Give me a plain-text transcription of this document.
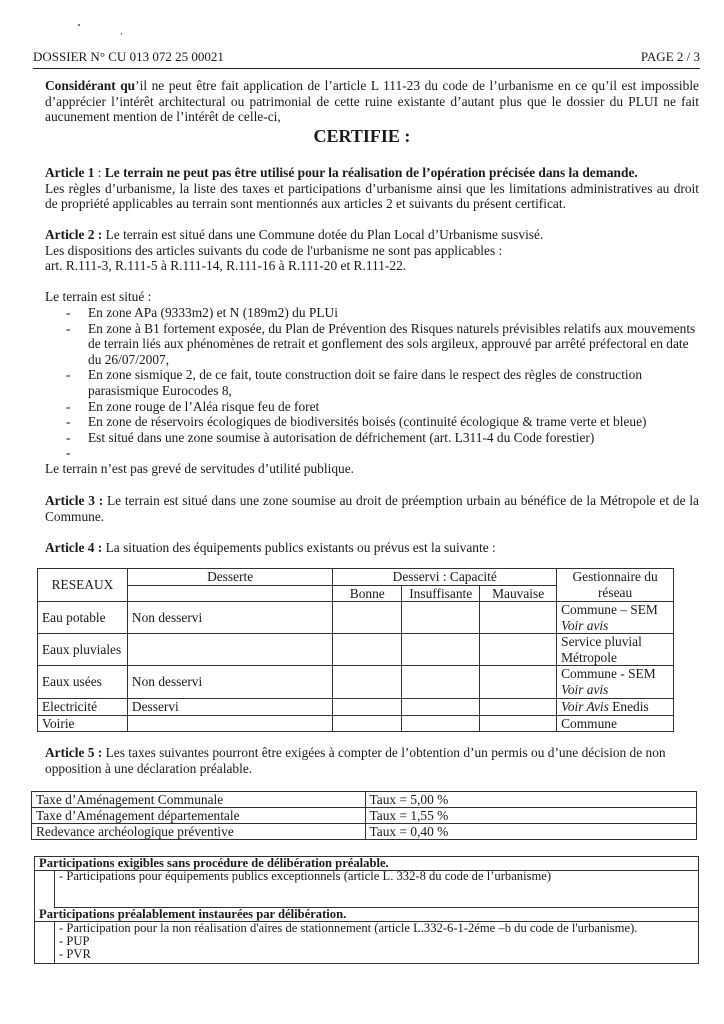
DOSSIER N° CU 013 072 25 00021	PAGE 2 / 3
Considérant qu’il ne peut être fait application de l’article L 111-23 du code de l’urbanisme en ce qu’il est impossible d’apprécier l’intérêt architectural ou patrimonial de cette ruine existante d’autant plus que le dossier du PLUI ne fait aucunement mention de l’intérêt de celle-ci,
CERTIFIE :
Article 1 : Le terrain ne peut pas être utilisé pour la réalisation de l’opération précisée dans la demande.
Les règles d’urbanisme, la liste des taxes et participations d’urbanisme ainsi que les limitations administratives au droit de propriété applicables au terrain sont mentionnés aux articles 2 et suivants du présent certificat.
Article 2 : Le terrain est situé dans une Commune dotée du Plan Local d’Urbanisme susvisé.
Les dispositions des articles suivants du code de l'urbanisme ne sont pas applicables :
art. R.111-3, R.111-5 à R.111-14, R.111-16 à R.111-20 et R.111-22.
Le terrain est situé :
- En zone APa (9333m2) et N (189m2) du PLUi
- En zone à B1 fortement exposée, du Plan de Prévention des Risques naturels prévisibles relatifs aux mouvements de terrain liés aux phénomènes de retrait et gonflement des sols argileux, approuvé par arrêté préfectoral en date du 26/07/2007,
- En zone sismique 2, de ce fait, toute construction doit se faire dans le respect des règles de construction parasismique Eurocodes 8,
- En zone rouge de l’Aléa risque feu de foret
- En zone de réservoirs écologiques de biodiversités boisés (continuité écologique & trame verte et bleue)
- Est situé dans une zone soumise à autorisation de défrichement (art. L311-4 du Code forestier)
-
Le terrain n’est pas grevé de servitudes d’utilité publique.
Article 3 : Le terrain est situé dans une zone soumise au droit de préemption urbain au bénéfice de la Métropole et de la Commune.
Article 4 : La situation des équipements publics existants ou prévus est la suivante :
RESEAUX	Desserte	Desservi : Capacité			Gestionnaire du réseau
		Bonne	Insuffisante	Mauvaise	
Eau potable	Non desservi				Commune – SEM
Voir avis
Eaux pluviales					Service pluvial
Métropole
Eaux usées	Non desservi				Commune - SEM
Voir avis
Electricité	Desservi				Voir Avis Enedis
Voirie					Commune
Article 5 : Les taxes suivantes pourront être exigées à compter de l’obtention d’un permis ou d’une décision de non opposition à une déclaration préalable.
Taxe d’Aménagement Communale	Taux = 5,00 %
Taxe d’Aménagement départementale	Taux = 1,55 %
Redevance archéologique préventive	Taux = 0,40 %
Participations exigibles sans procédure de délibération préalable.
- Participations pour équipements publics exceptionnels (article L. 332-8 du code de l’urbanisme)
Participations préalablement instaurées par délibération.
- Participation pour la non réalisation d'aires de stationnement (article L.332-6-1-2éme –b du code de l'urbanisme).
- PUP
- PVR
